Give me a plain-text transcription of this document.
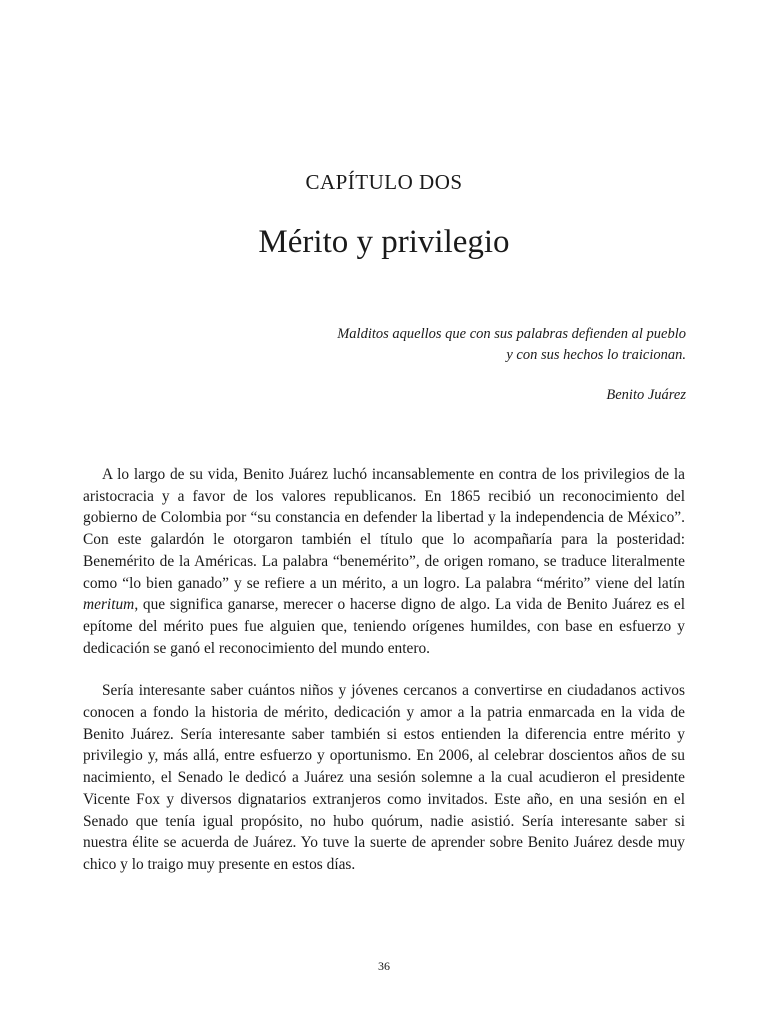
CAPÍTULO DOS
Mérito y privilegio
Malditos aquellos que con sus palabras defienden al pueblo
y con sus hechos lo traicionan.
Benito Juárez

A lo largo de su vida, Benito Juárez luchó incansablemente en contra de los privilegios de la aristocracia y a favor de los valores republicanos. En 1865 recibió un reconocimiento del gobierno de Colombia por “su constancia en defender la libertad y la independencia de México”. Con este galardón le otorgaron también el título que lo acompañaría para la posteridad: Benemérito de la Américas. La palabra “benemérito”, de origen romano, se traduce literalmente como “lo bien ganado” y se refiere a un mérito, a un logro. La palabra “mérito” viene del latín meritum, que significa ganarse, merecer o hacerse digno de algo. La vida de Benito Juárez es el epítome del mérito pues fue alguien que, teniendo orígenes humildes, con base en esfuerzo y dedicación se ganó el reconocimiento del mundo entero.

Sería interesante saber cuántos niños y jóvenes cercanos a convertirse en ciudadanos activos conocen a fondo la historia de mérito, dedicación y amor a la patria enmarcada en la vida de Benito Juárez. Sería interesante saber también si estos entienden la diferencia entre mérito y privilegio y, más allá, entre esfuerzo y oportunismo. En 2006, al celebrar doscientos años de su nacimiento, el Senado le dedicó a Juárez una sesión solemne a la cual acudieron el presidente Vicente Fox y diversos dignatarios extranjeros como invitados. Este año, en una sesión en el Senado que tenía igual propósito, no hubo quórum, nadie asistió. Sería interesante saber si nuestra élite se acuerda de Juárez. Yo tuve la suerte de aprender sobre Benito Juárez desde muy chico y lo traigo muy presente en estos días.

36
